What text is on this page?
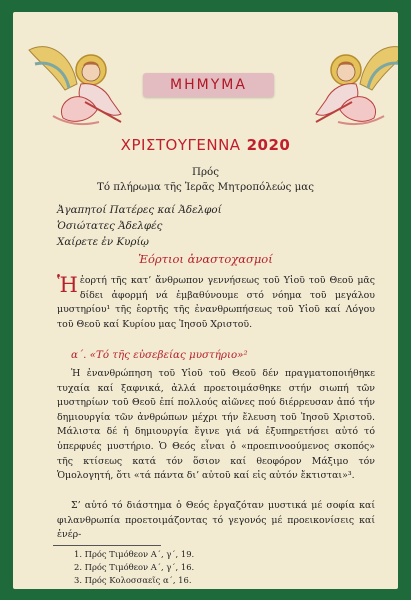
ΜΗΜΥΜΑ
ΧΡΙΣΤΟΥΓΕΝΝΑ 2020
Πρός
Τό πλήρωμα τῆς Ἱερᾶς Μητροπόλεώς μας
Ἀγαπητοί Πατέρες καί Ἀδελφοί
Ὁσιώτατες Ἀδελφές
Χαίρετε ἐν Κυρίῳ
Ἑόρτιοι ἀναστοχασμοί
Ἡ ἑορτή τῆς κατ’ ἄνθρωπον γεννήσεως τοῦ Υἱοῦ τοῦ Θεοῦ μᾶς δίδει ἀφορμή νά ἐμβαθύνουμε στό νόημα τοῦ μεγάλου μυστηρίου¹ τῆς ἑορτῆς τῆς ἐνανθρωπήσεως τοῦ Υἱοῦ καί Λόγου τοῦ Θεοῦ καί Κυρίου μας Ἰησοῦ Χριστοῦ.
α΄. «Τό τῆς εὐσεβείας μυστήριο»²
Ἡ ἐνανθρώπηση τοῦ Υἱοῦ τοῦ Θεοῦ δέν πραγματοποιήθηκε τυχαία καί ξαφνικά, ἀλλά προετοιμάσθηκε στήν σιωπή τῶν μυστηρίων τοῦ Θεοῦ ἐπί πολλούς αἰῶνες πού διέρρευσαν ἀπό τήν δημιουργία τῶν ἀνθρώπων μέχρι τήν ἔλευση τοῦ Ἰησοῦ Χριστοῦ. Μάλιστα δέ ἡ δημιουργία ἔγινε γιά νά ἐξυπηρετήσει αὐτό τό ὑπερφυές μυστήριο. Ὁ Θεός εἶναι ὁ «προεπινοούμενος σκοπός» τῆς κτίσεως κατά τόν ὅσιον καί θεοφόρον Μάξιμο τόν Ὁμολογητή, ὅτι «τά πάντα δι’ αὐτοῦ καί εἰς αὐτόν ἔκτισται»³.
Σ’ αὐτό τό διάστημα ὁ Θεός ἐργαζόταν μυστικά μέ σοφία καί φιλανθρωπία προετοιμάζοντας τό γεγονός μέ προεικονίσεις καί ἐνέρ-
1. Πρός Τιμόθεον Α΄, γ΄, 19.
2. Πρός Τιμόθεον Α΄, γ΄, 16.
3. Πρός Κολοσσαεῖς α΄, 16.
